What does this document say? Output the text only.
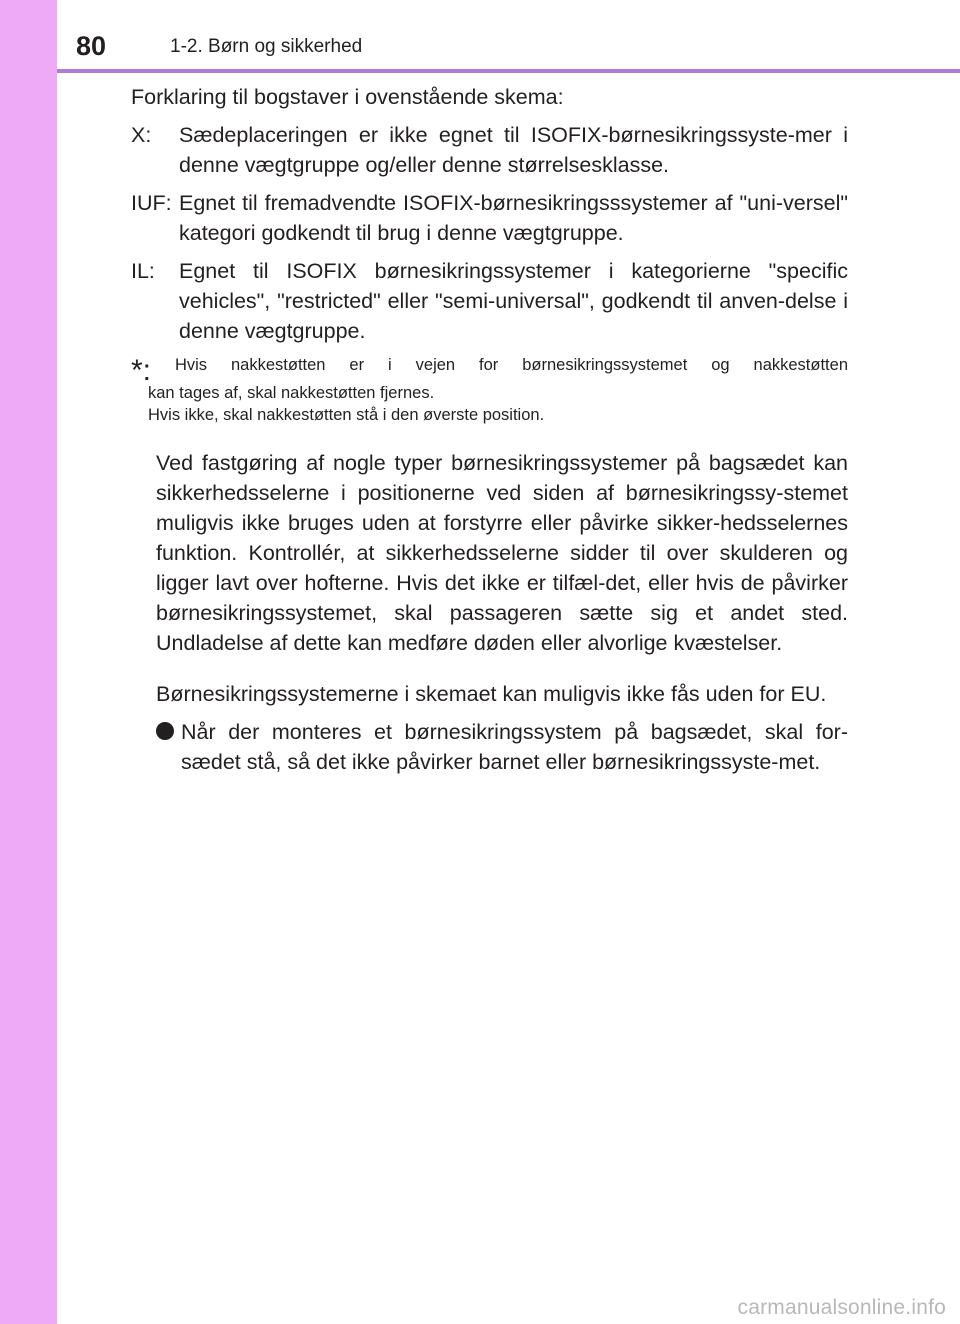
80	1-2. Børn og sikkerhed

Forklaring til bogstaver i ovenstående skema:

X: Sædeplaceringen er ikke egnet til ISOFIX-børnesikringssyste-mer i denne vægtgruppe og/eller denne størrelsesklasse.
IUF: Egnet til fremadvendte ISOFIX-børnesikringsssystemer af "uni-versel" kategori godkendt til brug i denne vægtgruppe.
IL: Egnet til ISOFIX børnesikringssystemer i kategorierne "specific vehicles", "restricted" eller "semi-universal", godkendt til anven-delse i denne vægtgruppe.
*: Hvis nakkestøtten er i vejen for børnesikringssystemet og nakkestøtten
kan tages af, skal nakkestøtten fjernes.
Hvis ikke, skal nakkestøtten stå i den øverste position.

Ved fastgøring af nogle typer børnesikringssystemer på bagsædet kan sikkerhedsselerne i positionerne ved siden af børnesikringssy-stemet muligvis ikke bruges uden at forstyrre eller påvirke sikker-hedsselernes funktion. Kontrollér, at sikkerhedsselerne sidder til over skulderen og ligger lavt over hofterne. Hvis det ikke er tilfæl-det, eller hvis de påvirker børnesikringssystemet, skal passageren sætte sig et andet sted. Undladelse af dette kan medføre døden eller alvorlige kvæstelser.

Børnesikringssystemerne i skemaet kan muligvis ikke fås uden for EU.

Når der monteres et børnesikringssystem på bagsædet, skal for-sædet stå, så det ikke påvirker barnet eller børnesikringssyste-met.
carmanualsonline.info
